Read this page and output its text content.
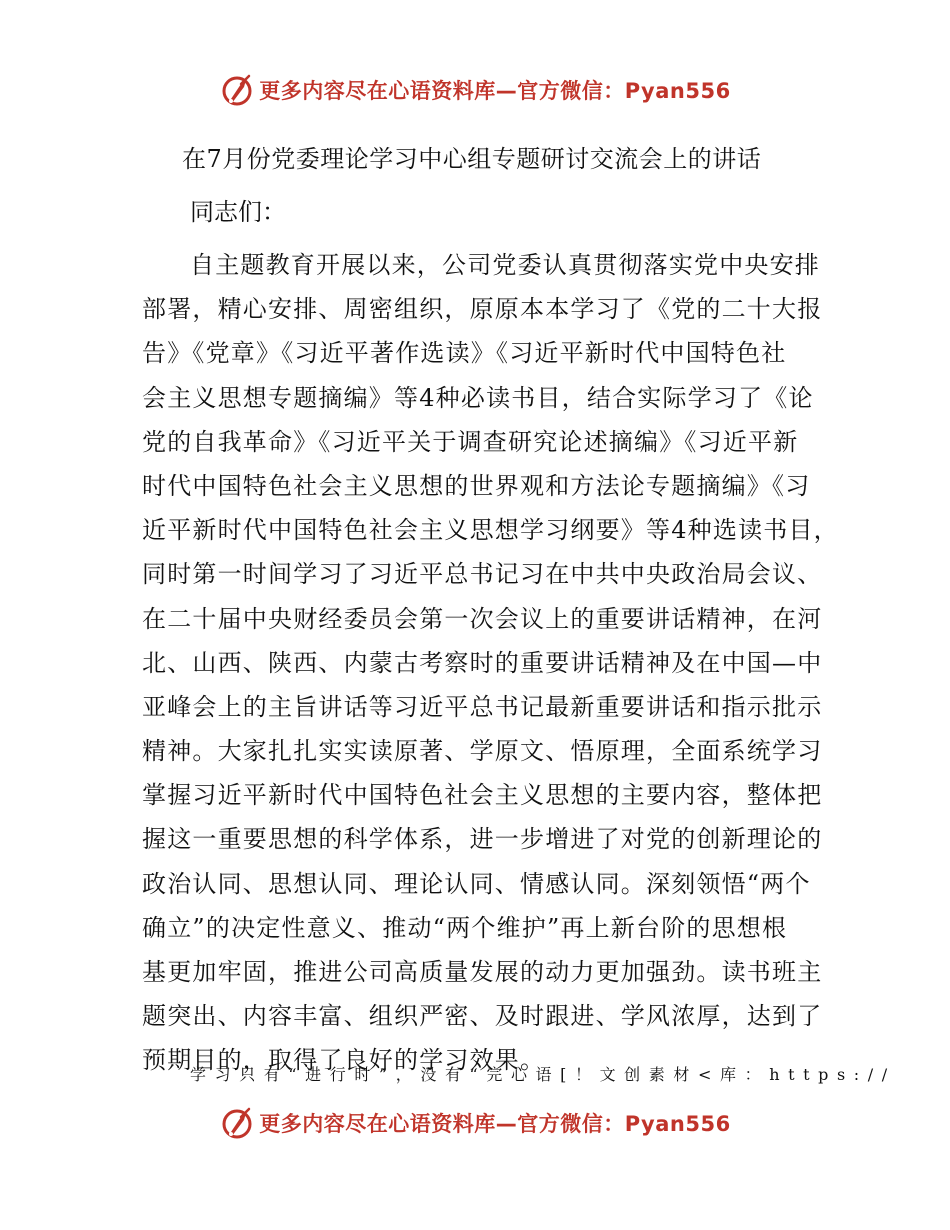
更多内容尽在心语资料库—官方微信：Pyan556
在7月份党委理论学习中心组专题研讨交流会上的讲话
同志们：
自主题教育开展以来，公司党委认真贯彻落实党中央安排
部署，精心安排、周密组织，原原本本学习了《党的二十大报
告》《党章》《习近平著作选读》《习近平新时代中国特色社
会主义思想专题摘编》等4种必读书目，结合实际学习了《论
党的自我革命》《习近平关于调查研究论述摘编》《习近平新
时代中国特色社会主义思想的世界观和方法论专题摘编》《习
近平新时代中国特色社会主义思想学习纲要》等4种选读书目，
同时第一时间学习了习近平总书记习在中共中央政治局会议、
在二十届中央财经委员会第一次会议上的重要讲话精神，在河
北、山西、陕西、内蒙古考察时的重要讲话精神及在中国—中
亚峰会上的主旨讲话等习近平总书记最新重要讲话和指示批示
精神。大家扎扎实实读原著、学原文、悟原理，全面系统学习
掌握习近平新时代中国特色社会主义思想的主要内容，整体把
握这一重要思想的科学体系，进一步增进了对党的创新理论的
政治认同、思想认同、理论认同、情感认同。深刻领悟“两个
确立”的决定性意义、推动“两个维护”再上新台阶的思想根
基更加牢固，推进公司高质量发展的动力更加强劲。读书班主
题突出、内容丰富、组织严密、及时跟进、学风浓厚，达到了
预期目的，取得了良好的学习效果。
学习只有“进行时”，没有“完心语[！文创素材<库：https://
更多内容尽在心语资料库—官方微信：Pyan556
